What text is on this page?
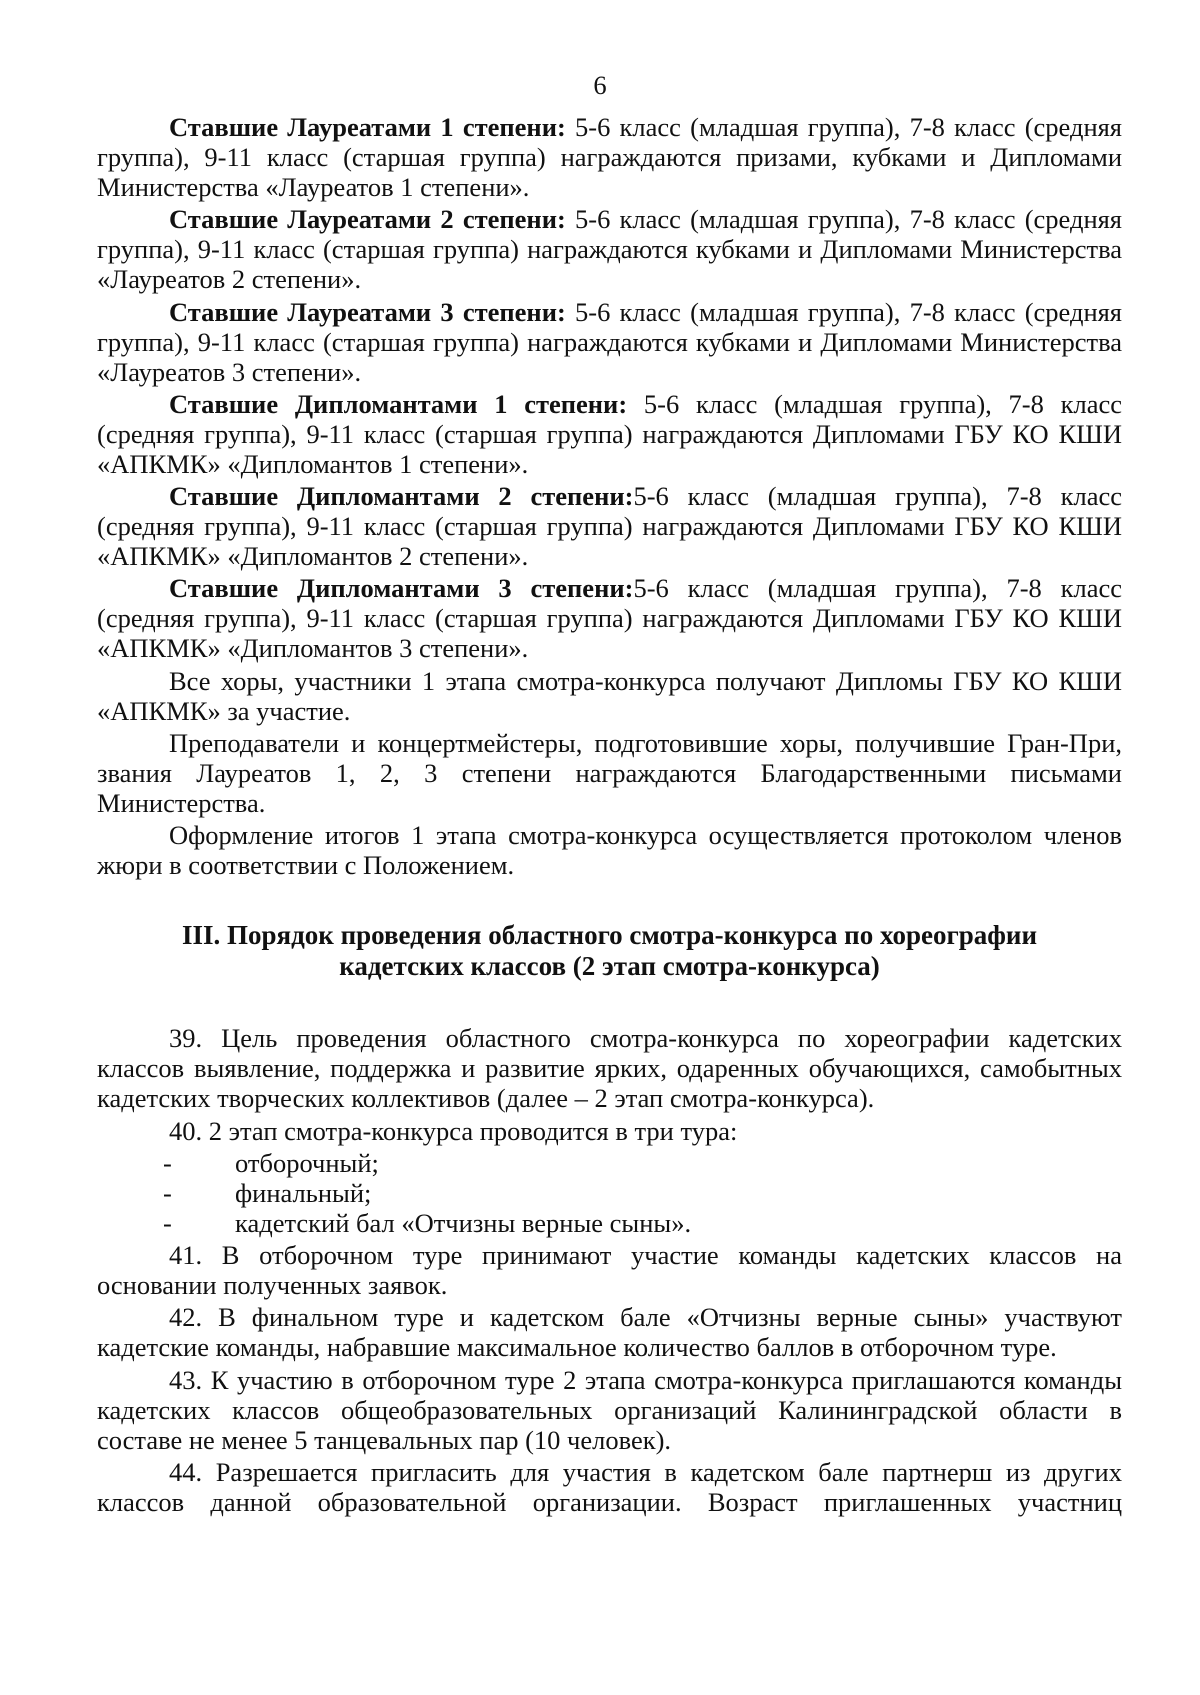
6

Ставшие Лауреатами 1 степени: 5-6 класс (младшая группа), 7-8 класс (средняя группа), 9-11 класс (старшая группа) награждаются призами, кубками и Дипломами Министерства «Лауреатов 1 степени».

Ставшие Лауреатами 2 степени: 5-6 класс (младшая группа), 7-8 класс (средняя группа), 9-11 класс (старшая группа) награждаются кубками и Дипломами Министерства «Лауреатов 2 степени».

Ставшие Лауреатами 3 степени: 5-6 класс (младшая группа), 7-8 класс (средняя группа), 9-11 класс (старшая группа) награждаются кубками и Дипломами Министерства «Лауреатов 3 степени».

Ставшие Дипломантами 1 степени: 5-6 класс (младшая группа), 7-8 класс (средняя группа), 9-11 класс (старшая группа) награждаются Дипломами ГБУ КО КШИ «АПКМК» «Дипломантов 1 степени».

Ставшие Дипломантами 2 степени:5-6 класс (младшая группа), 7-8 класс (средняя группа), 9-11 класс (старшая группа) награждаются Дипломами ГБУ КО КШИ «АПКМК» «Дипломантов 2 степени».

Ставшие Дипломантами 3 степени:5-6 класс (младшая группа), 7-8 класс (средняя группа), 9-11 класс (старшая группа) награждаются Дипломами ГБУ КО КШИ «АПКМК» «Дипломантов 3 степени».

Все хоры, участники 1 этапа смотра-конкурса получают Дипломы ГБУ КО КШИ «АПКМК» за участие.

Преподаватели и концертмейстеры, подготовившие хоры, получившие Гран-При, звания Лауреатов 1, 2, 3 степени награждаются Благодарственными письмами Министерства.

Оформление итогов 1 этапа смотра-конкурса осуществляется протоколом членов жюри в соответствии с Положением.

III. Порядок проведения областного смотра-конкурса по хореографии
кадетских классов (2 этап смотра-конкурса)

39. Цель проведения областного смотра-конкурса по хореографии кадетских классов выявление, поддержка и развитие ярких, одаренных обучающихся, самобытных кадетских творческих коллективов (далее – 2 этап смотра-конкурса).

40. 2 этап смотра-конкурса проводится в три тура:

-	отборочный;
-	финальный;
-	кадетский бал «Отчизны верные сыны».

41. В отборочном туре принимают участие команды кадетских классов на основании полученных заявок.

42. В финальном туре и кадетском бале «Отчизны верные сыны» участвуют кадетские команды, набравшие максимальное количество баллов в отборочном туре.

43. К участию в отборочном туре 2 этапа смотра-конкурса приглашаются команды кадетских классов общеобразовательных организаций Калининградской области в составе не менее 5 танцевальных пар (10 человек).

44. Разрешается пригласить для участия в кадетском бале партнерш из других классов данной образовательной организации. Возраст приглашенных участниц
